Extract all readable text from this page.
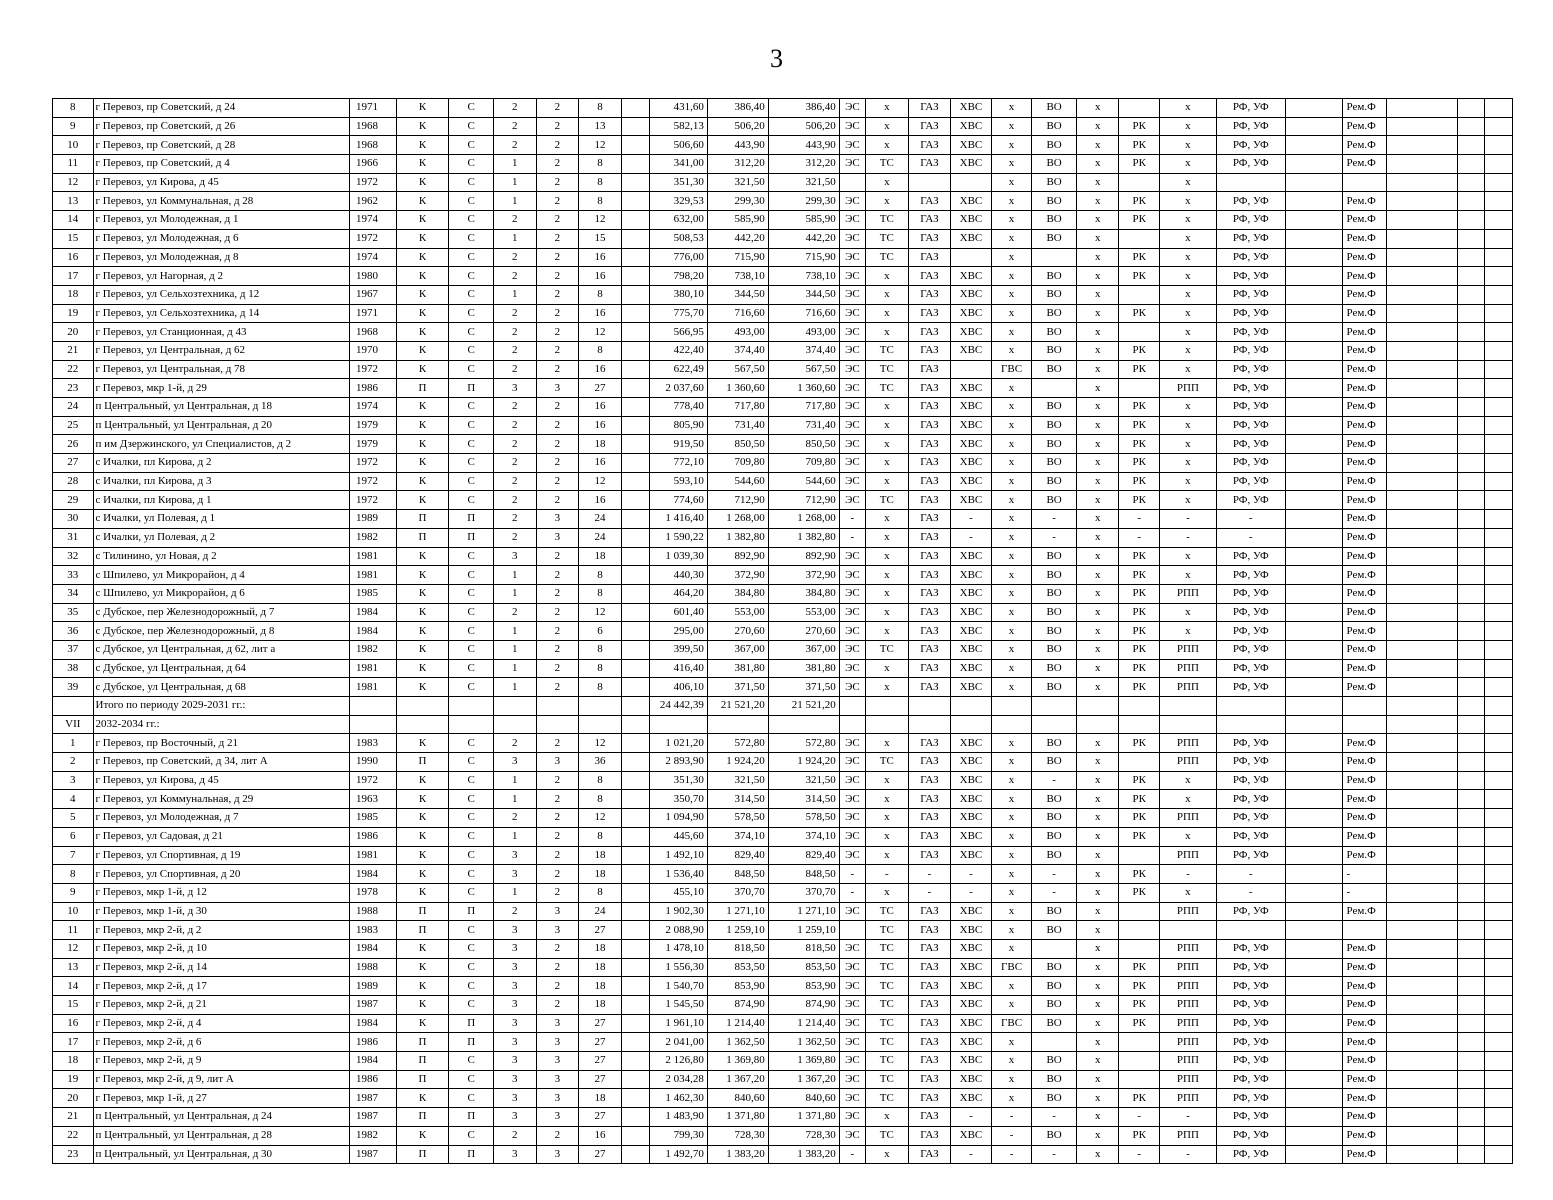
3
8	г Перевоз, пр Советский, д 24	1971	К	С	2	2	8		431,60	386,40	386,40	ЭС	х	ГАЗ	ХВС	х	ВО	х		х	РФ, УФ		Рем.Ф			
9	г Перевоз, пр Советский, д 26	1968	К	С	2	2	13		582,13	506,20	506,20	ЭС	х	ГАЗ	ХВС	х	ВО	х	РК	х	РФ, УФ		Рем.Ф			
10	г Перевоз, пр Советский, д 28	1968	К	С	2	2	12		506,60	443,90	443,90	ЭС	х	ГАЗ	ХВС	х	ВО	х	РК	х	РФ, УФ		Рем.Ф			
11	г Перевоз, пр Советский, д 4	1966	К	С	1	2	8		341,00	312,20	312,20	ЭС	ТС	ГАЗ	ХВС	х	ВО	х	РК	х	РФ, УФ		Рем.Ф			
12	г Перевоз, ул Кирова, д 45	1972	К	С	1	2	8		351,30	321,50	321,50		х			х	ВО	х		х						
13	г Перевоз, ул Коммунальная, д 28	1962	К	С	1	2	8		329,53	299,30	299,30	ЭС	х	ГАЗ	ХВС	х	ВО	х	РК	х	РФ, УФ		Рем.Ф			
14	г Перевоз, ул Молодежная, д 1	1974	К	С	2	2	12		632,00	585,90	585,90	ЭС	ТС	ГАЗ	ХВС	х	ВО	х	РК	х	РФ, УФ		Рем.Ф			
15	г Перевоз, ул Молодежная, д 6	1972	К	С	1	2	15		508,53	442,20	442,20	ЭС	ТС	ГАЗ	ХВС	х	ВО	х		х	РФ, УФ		Рем.Ф			
16	г Перевоз, ул Молодежная, д 8	1974	К	С	2	2	16		776,00	715,90	715,90	ЭС	ТС	ГАЗ		х		х	РК	х	РФ, УФ		Рем.Ф			
17	г Перевоз, ул Нагорная, д 2	1980	К	С	2	2	16		798,20	738,10	738,10	ЭС	х	ГАЗ	ХВС	х	ВО	х	РК	х	РФ, УФ		Рем.Ф			
18	г Перевоз, ул Сельхозтехника, д 12	1967	К	С	1	2	8		380,10	344,50	344,50	ЭС	х	ГАЗ	ХВС	х	ВО	х		х	РФ, УФ		Рем.Ф			
19	г Перевоз, ул Сельхозтехника, д 14	1971	К	С	2	2	16		775,70	716,60	716,60	ЭС	х	ГАЗ	ХВС	х	ВО	х	РК	х	РФ, УФ		Рем.Ф			
20	г Перевоз, ул Станционная, д 43	1968	К	С	2	2	12		566,95	493,00	493,00	ЭС	х	ГАЗ	ХВС	х	ВО	х		х	РФ, УФ		Рем.Ф			
21	г Перевоз, ул Центральная, д 62	1970	К	С	2	2	8		422,40	374,40	374,40	ЭС	ТС	ГАЗ	ХВС	х	ВО	х	РК	х	РФ, УФ		Рем.Ф			
22	г Перевоз, ул Центральная, д 78	1972	К	С	2	2	16		622,49	567,50	567,50	ЭС	ТС	ГАЗ		ГВС	ВО	х	РК	х	РФ, УФ		Рем.Ф			
23	г Перевоз, мкр 1-й, д 29	1986	П	П	3	3	27		2 037,60	1 360,60	1 360,60	ЭС	ТС	ГАЗ	ХВС	х		х		РПП	РФ, УФ		Рем.Ф			
24	п Центральный, ул Центральная, д 18	1974	К	С	2	2	16		778,40	717,80	717,80	ЭС	х	ГАЗ	ХВС	х	ВО	х	РК	х	РФ, УФ		Рем.Ф			
25	п Центральный, ул Центральная, д 20	1979	К	С	2	2	16		805,90	731,40	731,40	ЭС	х	ГАЗ	ХВС	х	ВО	х	РК	х	РФ, УФ		Рем.Ф			
26	п им Дзержинского, ул Специалистов, д 2	1979	К	С	2	2	18		919,50	850,50	850,50	ЭС	х	ГАЗ	ХВС	х	ВО	х	РК	х	РФ, УФ		Рем.Ф			
27	с Ичалки, пл Кирова, д 2	1972	К	С	2	2	16		772,10	709,80	709,80	ЭС	х	ГАЗ	ХВС	х	ВО	х	РК	х	РФ, УФ		Рем.Ф			
28	с Ичалки, пл Кирова, д 3	1972	К	С	2	2	12		593,10	544,60	544,60	ЭС	х	ГАЗ	ХВС	х	ВО	х	РК	х	РФ, УФ		Рем.Ф			
29	с Ичалки, пл Кирова, д 1	1972	К	С	2	2	16		774,60	712,90	712,90	ЭС	ТС	ГАЗ	ХВС	х	ВО	х	РК	х	РФ, УФ		Рем.Ф			
30	с Ичалки, ул Полевая, д 1	1989	П	П	2	3	24		1 416,40	1 268,00	1 268,00	-	х	ГАЗ	-	х	-	х	-	-	-		Рем.Ф			
31	с Ичалки, ул Полевая, д 2	1982	П	П	2	3	24		1 590,22	1 382,80	1 382,80	-	х	ГАЗ	-	х	-	х	-	-	-		Рем.Ф			
32	с Тилинино, ул Новая, д 2	1981	К	С	3	2	18		1 039,30	892,90	892,90	ЭС	х	ГАЗ	ХВС	х	ВО	х	РК	х	РФ, УФ		Рем.Ф			
33	с Шпилево, ул Микрорайон, д 4	1981	К	С	1	2	8		440,30	372,90	372,90	ЭС	х	ГАЗ	ХВС	х	ВО	х	РК	х	РФ, УФ		Рем.Ф			
34	с Шпилево, ул Микрорайон, д 6	1985	К	С	1	2	8		464,20	384,80	384,80	ЭС	х	ГАЗ	ХВС	х	ВО	х	РК	РПП	РФ, УФ		Рем.Ф			
35	с Дубское, пер Железнодорожный, д 7	1984	К	С	2	2	12		601,40	553,00	553,00	ЭС	х	ГАЗ	ХВС	х	ВО	х	РК	х	РФ, УФ		Рем.Ф			
36	с Дубское, пер Железнодорожный, д 8	1984	К	С	1	2	6		295,00	270,60	270,60	ЭС	х	ГАЗ	ХВС	х	ВО	х	РК	х	РФ, УФ		Рем.Ф			
37	с Дубское, ул Центральная, д 62, лит а	1982	К	С	1	2	8		399,50	367,00	367,00	ЭС	ТС	ГАЗ	ХВС	х	ВО	х	РК	РПП	РФ, УФ		Рем.Ф			
38	с Дубское, ул Центральная, д 64	1981	К	С	1	2	8		416,40	381,80	381,80	ЭС	х	ГАЗ	ХВС	х	ВО	х	РК	РПП	РФ, УФ		Рем.Ф			
39	с Дубское, ул Центральная, д 68	1981	К	С	1	2	8		406,10	371,50	371,50	ЭС	х	ГАЗ	ХВС	х	ВО	х	РК	РПП	РФ, УФ		Рем.Ф			
	Итого по периоду 2029-2031 гг.:								24 442,39	21 521,20	21 521,20															
VII	2032-2034 гг.:																									
1	г Перевоз, пр Восточный, д 21	1983	К	С	2	2	12		1 021,20	572,80	572,80	ЭС	х	ГАЗ	ХВС	х	ВО	х	РК	РПП	РФ, УФ		Рем.Ф			
2	г Перевоз, пр Советский, д 34, лит А	1990	П	С	3	3	36		2 893,90	1 924,20	1 924,20	ЭС	ТС	ГАЗ	ХВС	х	ВО	х		РПП	РФ, УФ		Рем.Ф			
3	г Перевоз, ул Кирова, д 45	1972	К	С	1	2	8		351,30	321,50	321,50	ЭС	х	ГАЗ	ХВС	х	-	х	РК	х	РФ, УФ		Рем.Ф			
4	г Перевоз, ул Коммунальная, д 29	1963	К	С	1	2	8		350,70	314,50	314,50	ЭС	х	ГАЗ	ХВС	х	ВО	х	РК	х	РФ, УФ		Рем.Ф			
5	г Перевоз, ул Молодежная, д 7	1985	К	С	2	2	12		1 094,90	578,50	578,50	ЭС	х	ГАЗ	ХВС	х	ВО	х	РК	РПП	РФ, УФ		Рем.Ф			
6	г Перевоз, ул Садовая, д 21	1986	К	С	1	2	8		445,60	374,10	374,10	ЭС	х	ГАЗ	ХВС	х	ВО	х	РК	х	РФ, УФ		Рем.Ф			
7	г Перевоз, ул Спортивная, д 19	1981	К	С	3	2	18		1 492,10	829,40	829,40	ЭС	х	ГАЗ	ХВС	х	ВО	х		РПП	РФ, УФ		Рем.Ф			
8	г Перевоз, ул Спортивная, д 20	1984	К	С	3	2	18		1 536,40	848,50	848,50	-	-	-	-	х	-	х	РК	-	-		-			
9	г Перевоз, мкр 1-й, д 12	1978	К	С	1	2	8		455,10	370,70	370,70	-	х	-	-	х	-	х	РК	х	-		-			
10	г Перевоз, мкр 1-й, д 30	1988	П	П	2	3	24		1 902,30	1 271,10	1 271,10	ЭС	ТС	ГАЗ	ХВС	х	ВО	х		РПП	РФ, УФ		Рем.Ф			
11	г Перевоз, мкр 2-й, д 2	1983	П	С	3	3	27		2 088,90	1 259,10	1 259,10		ТС	ГАЗ	ХВС	х	ВО	х								
12	г Перевоз, мкр 2-й, д 10	1984	К	С	3	2	18		1 478,10	818,50	818,50	ЭС	ТС	ГАЗ	ХВС	х		х		РПП	РФ, УФ		Рем.Ф			
13	г Перевоз, мкр 2-й, д 14	1988	К	С	3	2	18		1 556,30	853,50	853,50	ЭС	ТС	ГАЗ	ХВС	ГВС	ВО	х	РК	РПП	РФ, УФ		Рем.Ф			
14	г Перевоз, мкр 2-й, д 17	1989	К	С	3	2	18		1 540,70	853,90	853,90	ЭС	ТС	ГАЗ	ХВС	х	ВО	х	РК	РПП	РФ, УФ		Рем.Ф			
15	г Перевоз, мкр 2-й, д 21	1987	К	С	3	2	18		1 545,50	874,90	874,90	ЭС	ТС	ГАЗ	ХВС	х	ВО	х	РК	РПП	РФ, УФ		Рем.Ф			
16	г Перевоз, мкр 2-й, д 4	1984	К	П	3	3	27		1 961,10	1 214,40	1 214,40	ЭС	ТС	ГАЗ	ХВС	ГВС	ВО	х	РК	РПП	РФ, УФ		Рем.Ф			
17	г Перевоз, мкр 2-й, д 6	1986	П	П	3	3	27		2 041,00	1 362,50	1 362,50	ЭС	ТС	ГАЗ	ХВС	х		х		РПП	РФ, УФ		Рем.Ф			
18	г Перевоз, мкр 2-й, д 9	1984	П	С	3	3	27		2 126,80	1 369,80	1 369,80	ЭС	ТС	ГАЗ	ХВС	х	ВО	х		РПП	РФ, УФ		Рем.Ф			
19	г Перевоз, мкр 2-й, д 9, лит А	1986	П	С	3	3	27		2 034,28	1 367,20	1 367,20	ЭС	ТС	ГАЗ	ХВС	х	ВО	х		РПП	РФ, УФ		Рем.Ф			
20	г Перевоз, мкр 1-й, д 27	1987	К	С	3	3	18		1 462,30	840,60	840,60	ЭС	ТС	ГАЗ	ХВС	х	ВО	х	РК	РПП	РФ, УФ		Рем.Ф			
21	п Центральный, ул Центральная, д 24	1987	П	П	3	3	27		1 483,90	1 371,80	1 371,80	ЭС	х	ГАЗ	-	-	-	х	-	-	РФ, УФ		Рем.Ф			
22	п Центральный, ул Центральная, д 28	1982	К	С	2	2	16		799,30	728,30	728,30	ЭС	ТС	ГАЗ	ХВС	-	ВО	х	РК	РПП	РФ, УФ		Рем.Ф			
23	п Центральный, ул Центральная, д 30	1987	П	П	3	3	27		1 492,70	1 383,20	1 383,20	-	х	ГАЗ	-	-	-	х	-	-	РФ, УФ		Рем.Ф			
